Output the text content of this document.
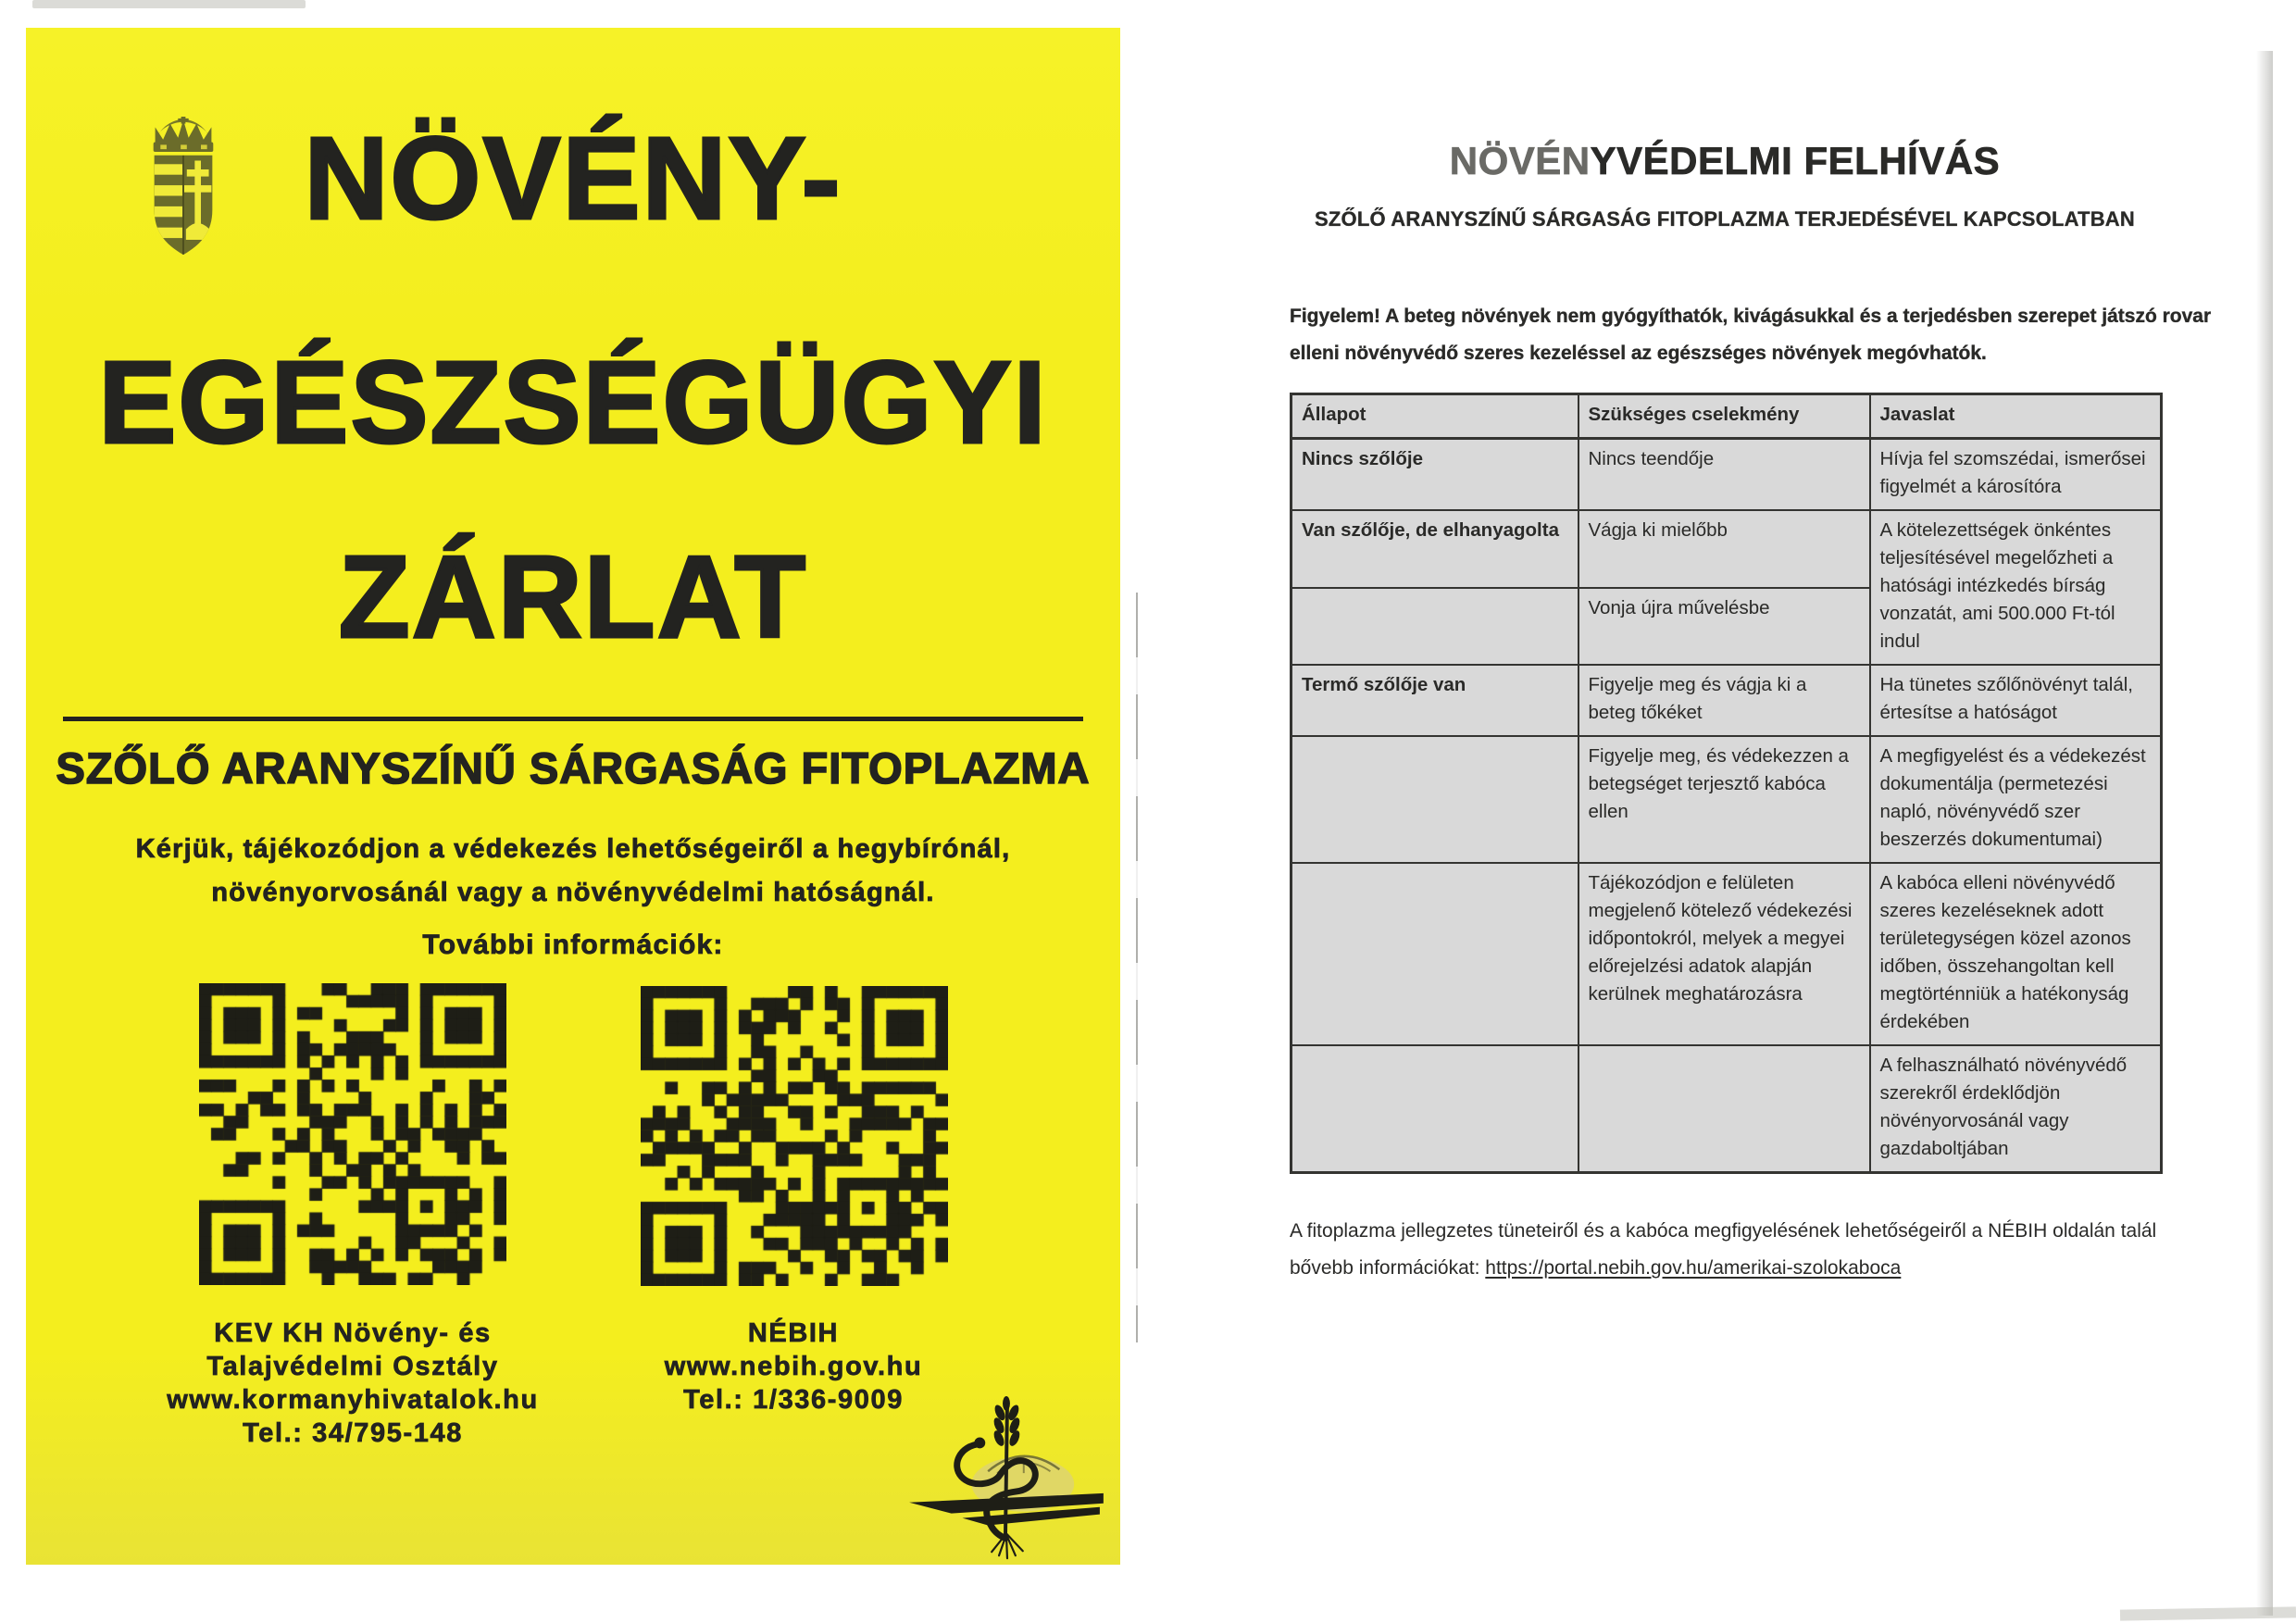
NÖVÉNY-
EGÉSZSÉGÜGYI
ZÁRLAT
SZŐLŐ ARANYSZÍNŰ SÁRGASÁG FITOPLAZMA
Kérjük, tájékozódjon a védekezés lehetőségeiről a hegybírónál,
növényorvosánál vagy a növényvédelmi hatóságnál.
További információk:
KEV KH Növény- és
Talajvédelmi Osztály
www.kormanyhivatalok.hu
Tel.: 34/795-148
NÉBIH
www.nebih.gov.hu
Tel.: 1/336-9009
NÖVÉNYVÉDELMI FELHÍVÁS
SZŐLŐ ARANYSZÍNŰ SÁRGASÁG FITOPLAZMA TERJEDÉSÉVEL KAPCSOLATBAN
Figyelem! A beteg növények nem gyógyíthatók, kivágásukkal és a terjedésben szerepet játszó rovar
elleni növényvédő szeres kezeléssel az egészséges növények megóvhatók.
Állapot	Szükséges cselekmény	Javaslat
Nincs szőlője	Nincs teendője	Hívja fel szomszédai, ismerősei figyelmét a károsítóra
Van szőlője, de elhanyagolta	Vágja ki mielőbb	A kötelezettségek önkéntes teljesítésével megelőzheti a hatósági intézkedés bírság vonzatát, ami 500.000 Ft-tól indul
	Vonja újra művelésbe	
Termő szőlője van	Figyelje meg és vágja ki a beteg tőkéket	Ha tünetes szőlőnövényt talál, értesítse a hatóságot
	Figyelje meg, és védekezzen a betegséget terjesztő kabóca ellen	A megfigyelést és a védekezést dokumentálja (permetezési napló, növényvédő szer beszerzés dokumentumai)
	Tájékozódjon e felületen megjelenő kötelező védekezési időpontokról, melyek a megyei előrejelzési adatok alapján kerülnek meghatározásra	A kabóca elleni növényvédő szeres kezeléseknek adott területegységen közel azonos időben, összehangoltan kell megtörténniük a hatékonyság érdekében
		A felhasználható növényvédő szerekről érdeklődjön növényorvosánál vagy gazdaboltjában
A fitoplazma jellegzetes tüneteiről és a kabóca megfigyelésének lehetőségeiről a NÉBIH oldalán talál
bővebb információkat: https://portal.nebih.gov.hu/amerikai-szolokaboca
